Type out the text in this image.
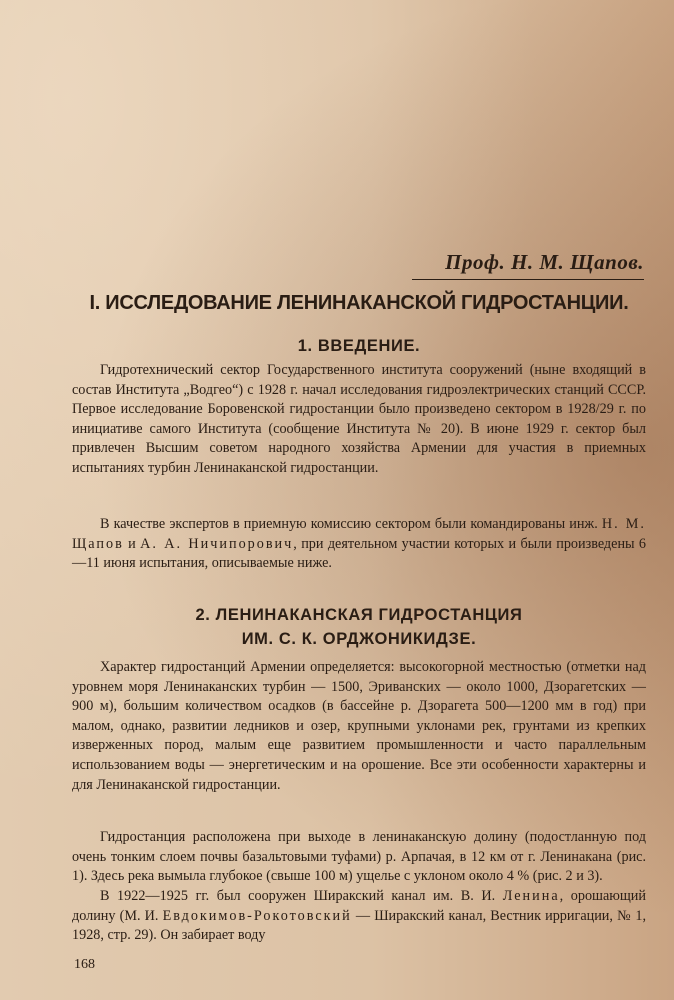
Проф. Н. М. Щапов.
I. ИССЛЕДОВАНИЕ ЛЕНИНАКАНСКОЙ ГИДРОСТАНЦИИ.
1. ВВЕДЕНИЕ.

Гидротехнический сектор Государственного института сооружений (ныне входящий в состав Института „Водгео“) с 1928 г. начал исследования гидроэлектрических станций СССР. Первое исследование Боровенской гидростанции было произведено сектором в 1928/29 г. по инициативе самого Института (сообщение Института № 20). В июне 1929 г. сектор был привлечен Высшим советом народного хозяйства Армении для участия в приемных испытаниях турбин Ленинаканской гидростанции.

В качестве экспертов в приемную комиссию сектором были командированы инж. Н. М. Щапов и А. А. Ничипорович, при деятельном участии которых и были произведены 6—11 июня испытания, описываемые ниже.

2. ЛЕНИНАКАНСКАЯ ГИДРОСТАНЦИЯ
ИМ. С. К. ОРДЖОНИКИДЗЕ.

Характер гидростанций Армении определяется: высокогорной местностью (отметки над уровнем моря Ленинаканских турбин — 1500, Эриванских — около 1000, Дзорагетских — 900 м), большим количеством осадков (в бассейне р. Дзорагета 500—1200 мм в год) при малом, однако, развитии ледников и озер, крупными уклонами рек, грунтами из крепких изверженных пород, малым еще развитием промышленности и часто параллельным использованием воды — энергетическим и на орошение. Все эти особенности характерны и для Ленинаканской гидростанции.

Гидростанция расположена при выходе в ленинаканскую долину (подостланную под очень тонким слоем почвы базальтовыми туфами) р. Арпачая, в 12 км от г. Ленинакана (рис. 1). Здесь река вымыла глубокое (свыше 100 м) ущелье с уклоном около 4 % (рис. 2 и 3).

В 1922—1925 гг. был сооружен Ширакский канал им. В. И. Ленина, орошающий долину (М. И. Евдокимов-Рокотовский — Ширакский канал, Вестник ирригации, № 1, 1928, стр. 29). Он забирает воду

168
